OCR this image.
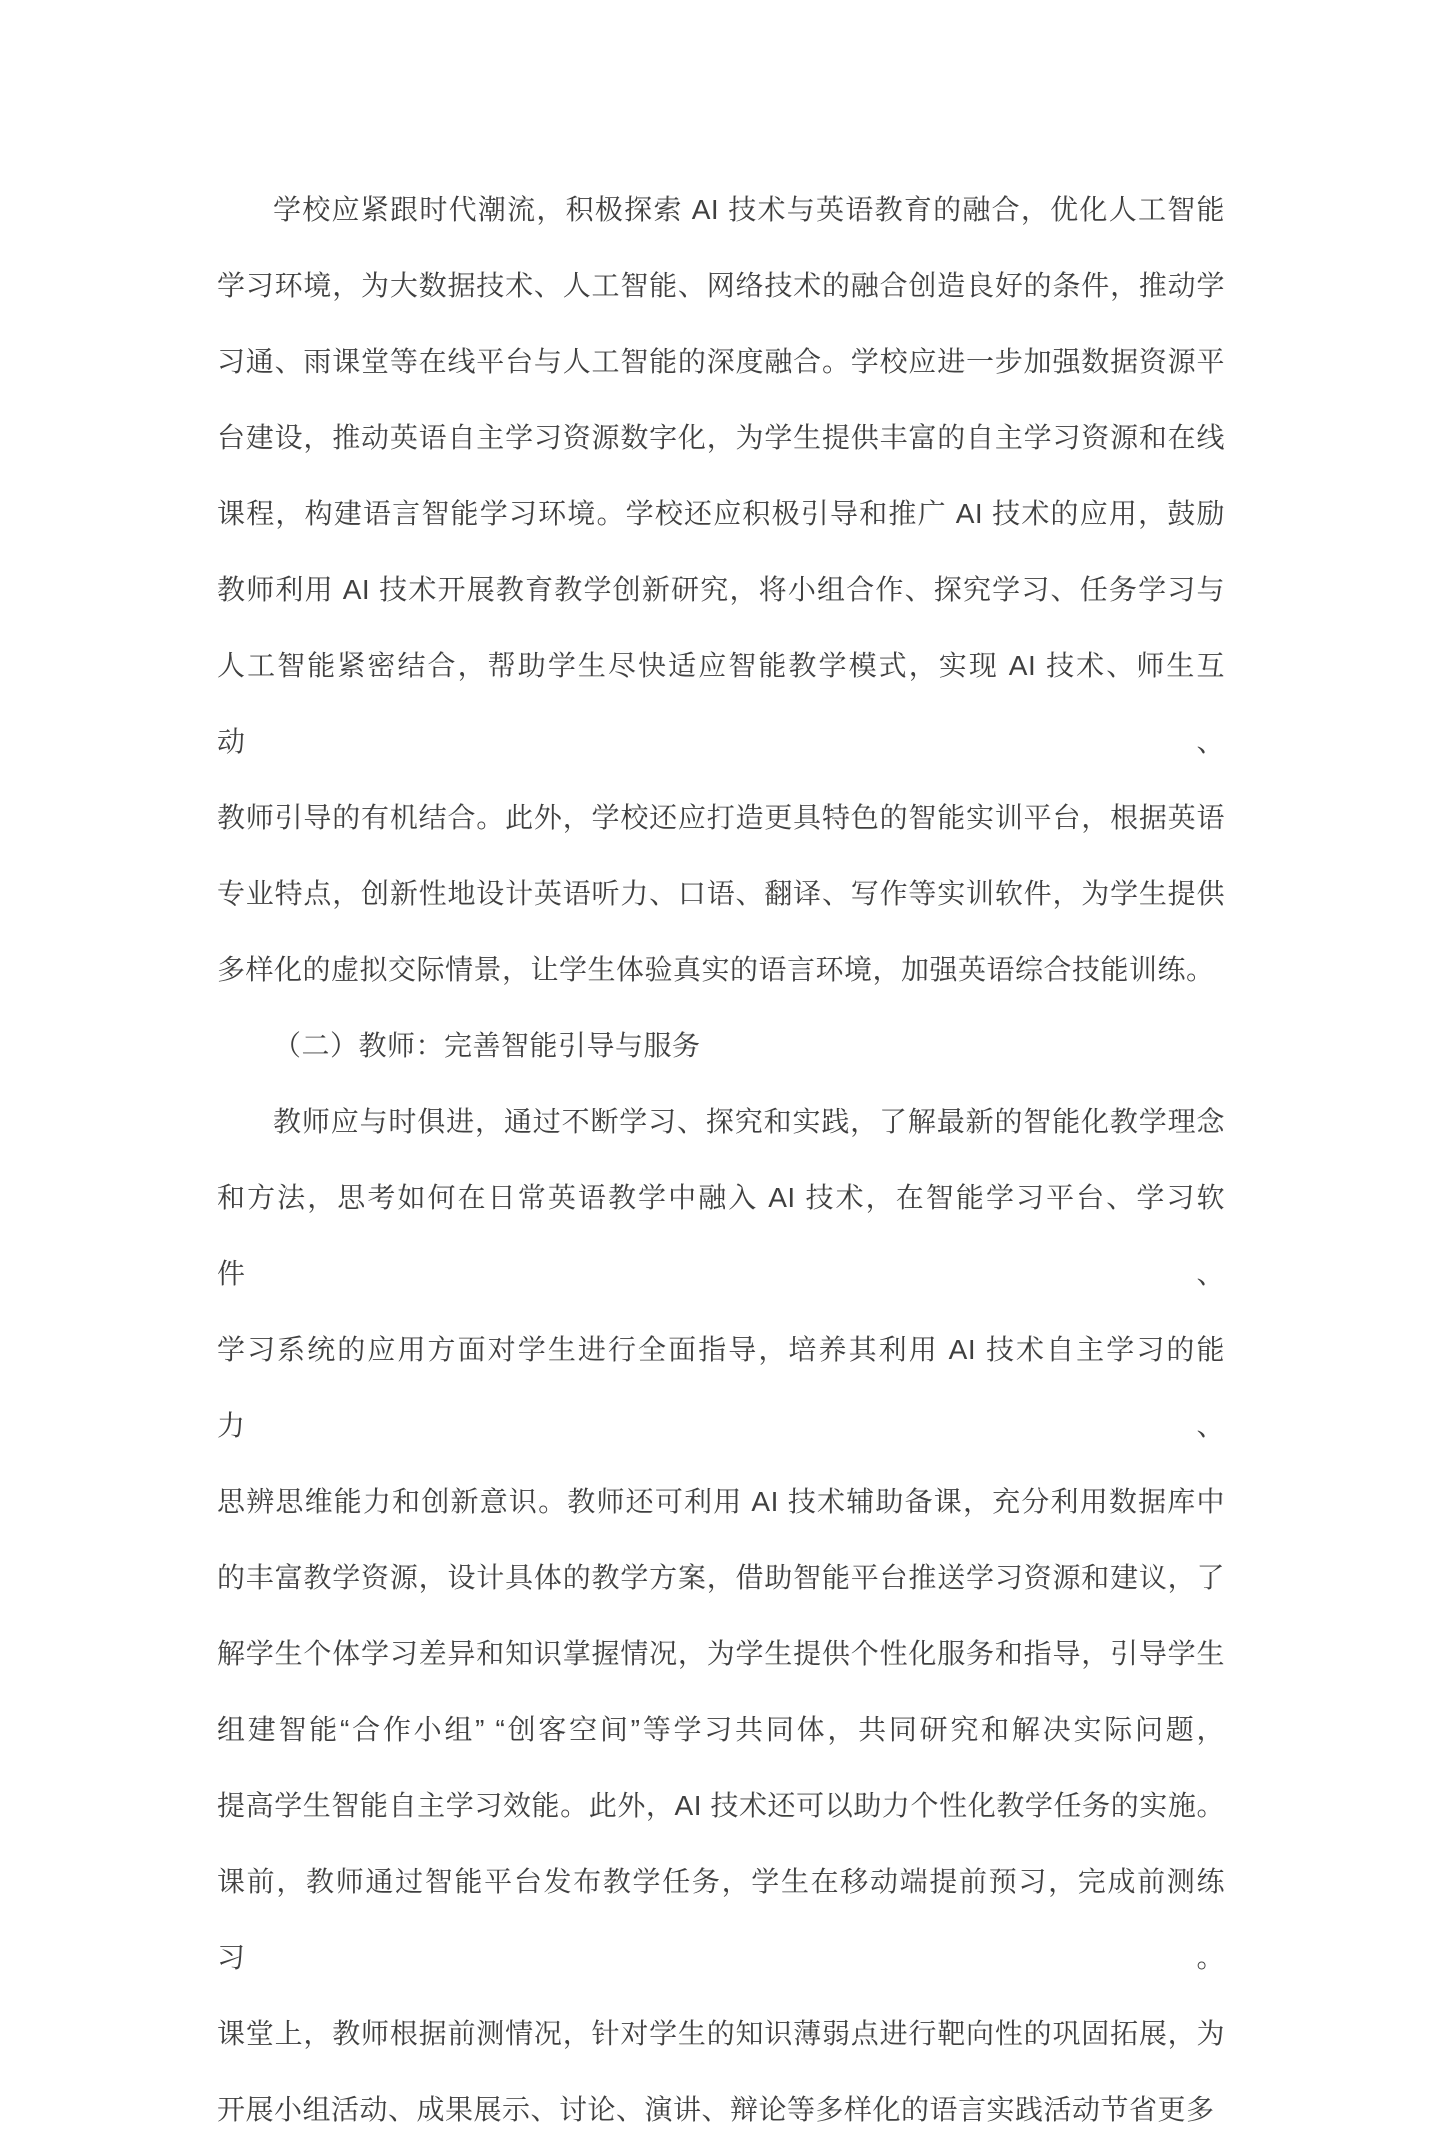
学校应紧跟时代潮流，积极探索 AI 技术与英语教育的融合，优化人工智能
学习环境，为大数据技术、人工智能、网络技术的融合创造良好的条件，推动学
习通、雨课堂等在线平台与人工智能的深度融合。学校应进一步加强数据资源平
台建设，推动英语自主学习资源数字化，为学生提供丰富的自主学习资源和在线
课程，构建语言智能学习环境。学校还应积极引导和推广 AI 技术的应用，鼓励
教师利用 AI 技术开展教育教学创新研究，将小组合作、探究学习、任务学习与
人工智能紧密结合，帮助学生尽快适应智能教学模式，实现 AI 技术、师生互动、
教师引导的有机结合。此外，学校还应打造更具特色的智能实训平台，根据英语
专业特点，创新性地设计英语听力、口语、翻译、写作等实训软件，为学生提供
多样化的虚拟交际情景，让学生体验真实的语言环境，加强英语综合技能训练。
（二）教师：完善智能引导与服务
教师应与时俱进，通过不断学习、探究和实践，了解最新的智能化教学理念
和方法，思考如何在日常英语教学中融入 AI 技术，在智能学习平台、学习软件、
学习系统的应用方面对学生进行全面指导，培养其利用 AI 技术自主学习的能力、
思辨思维能力和创新意识。教师还可利用 AI 技术辅助备课，充分利用数据库中
的丰富教学资源，设计具体的教学方案，借助智能平台推送学习资源和建议，了
解学生个体学习差异和知识掌握情况，为学生提供个性化服务和指导，引导学生
组建智能“合作小组” “创客空间”等学习共同体，共同研究和解决实际问题，
提高学生智能自主学习效能。此外，AI 技术还可以助力个性化教学任务的实施。
课前，教师通过智能平台发布教学任务，学生在移动端提前预习，完成前测练习。
课堂上，教师根据前测情况，针对学生的知识薄弱点进行靶向性的巩固拓展，为
开展小组活动、成果展示、讨论、演讲、辩论等多样化的语言实践活动节省更多
